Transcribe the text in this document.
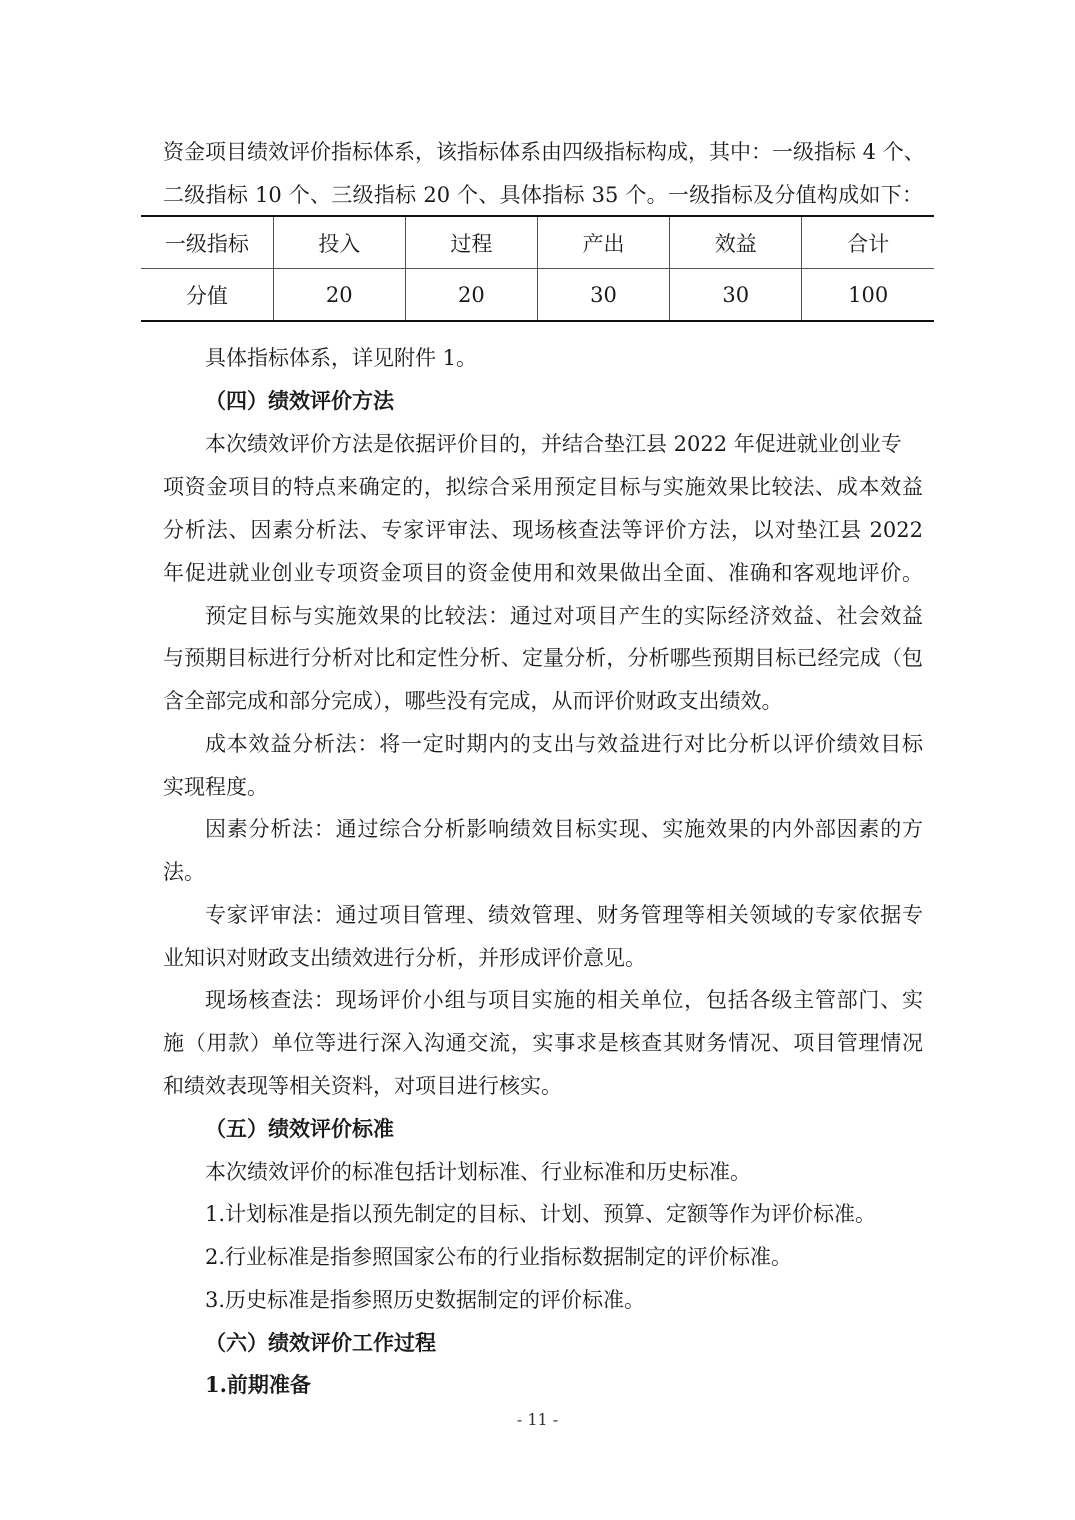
资金项目绩效评价指标体系，该指标体系由四级指标构成，其中：一级指标 4 个、
二级指标 10 个、三级指标 20 个、具体指标 35 个。一级指标及分值构成如下：
一级指标	投入	过程	产出	效益	合计
分值	20	20	30	30	100
具体指标体系，详见附件 1。
（四）绩效评价方法
本次绩效评价方法是依据评价目的，并结合垫江县 2022 年促进就业创业专
项资金项目的特点来确定的，拟综合采用预定目标与实施效果比较法、成本效益
分析法、因素分析法、专家评审法、现场核查法等评价方法，以对垫江县 2022
年促进就业创业专项资金项目的资金使用和效果做出全面、准确和客观地评价。
预定目标与实施效果的比较法：通过对项目产生的实际经济效益、社会效益
与预期目标进行分析对比和定性分析、定量分析，分析哪些预期目标已经完成（包
含全部完成和部分完成），哪些没有完成，从而评价财政支出绩效。
成本效益分析法：将一定时期内的支出与效益进行对比分析以评价绩效目标
实现程度。
因素分析法：通过综合分析影响绩效目标实现、实施效果的内外部因素的方
法。
专家评审法：通过项目管理、绩效管理、财务管理等相关领域的专家依据专
业知识对财政支出绩效进行分析，并形成评价意见。
现场核查法：现场评价小组与项目实施的相关单位，包括各级主管部门、实
施（用款）单位等进行深入沟通交流，实事求是核查其财务情况、项目管理情况
和绩效表现等相关资料，对项目进行核实。
（五）绩效评价标准
本次绩效评价的标准包括计划标准、行业标准和历史标准。
1.计划标准是指以预先制定的目标、计划、预算、定额等作为评价标准。
2.行业标准是指参照国家公布的行业指标数据制定的评价标准。
3.历史标准是指参照历史数据制定的评价标准。
（六）绩效评价工作过程
1.前期准备
- 11 -
